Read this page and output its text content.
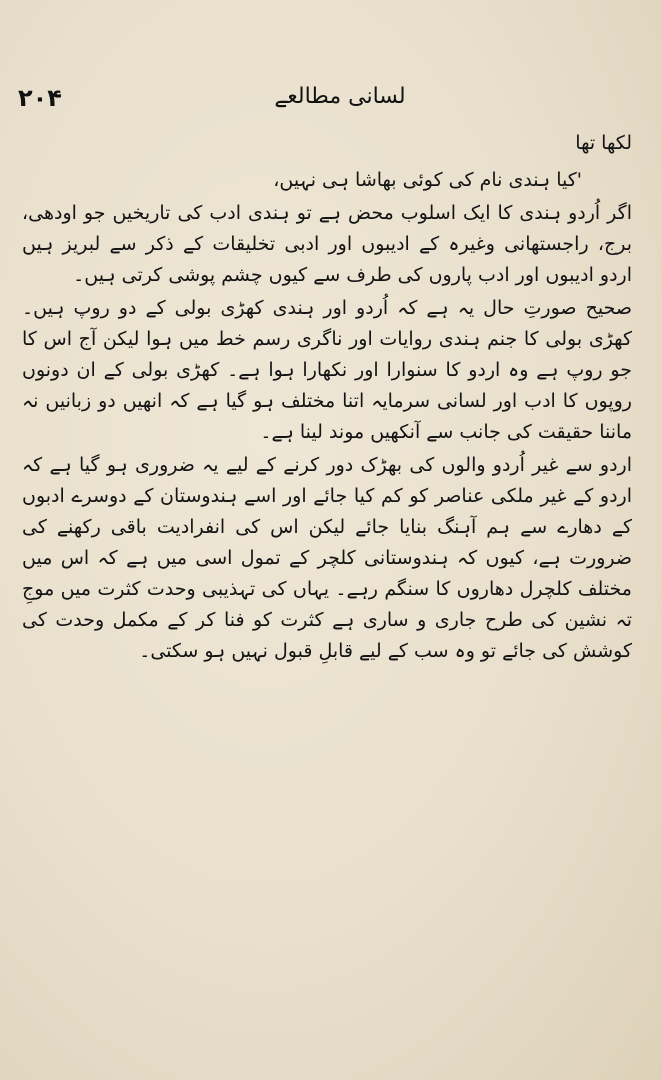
۲۰۴	لسانی مطالعے

لکھا تھا

'کیا ہندی نام کی کوئی بھاشا ہی نہیں،

اگر اُردو ہندی کا ایک اسلوب محض ہے تو ہندی ادب کی تاریخیں جو اودھی، برج، راجستھانی وغیرہ کے ادیبوں اور ادبی تخلیقات کے ذکر سے لبریز ہیں اردو ادیبوں اور ادب پاروں کی طرف سے کیوں چشم پوشی کرتی ہیں۔

صحیح صورتِ حال یہ ہے کہ اُردو اور ہندی کھڑی بولی کے دو روپ ہیں۔ کھڑی بولی کا جنم ہندی روایات اور ناگری رسم خط میں ہوا لیکن آج اس کا جو روپ ہے وہ اردو کا سنوارا اور نکھارا ہوا ہے۔ کھڑی بولی کے ان دونوں روپوں کا ادب اور لسانی سرمایہ اتنا مختلف ہو گیا ہے کہ انھیں دو زبانیں نہ ماننا حقیقت کی جانب سے آنکھیں موند لینا ہے۔

اردو سے غیر اُردو والوں کی بھڑک دور کرنے کے لیے یہ ضروری ہو گیا ہے کہ اردو کے غیر ملکی عناصر کو کم کیا جائے اور اسے ہندوستان کے دوسرے ادبوں کے دھارے سے ہم آہنگ بنایا جائے لیکن اس کی انفرادیت باقی رکھنے کی ضرورت ہے، کیوں کہ ہندوستانی کلچر کے تمول اسی میں ہے کہ اس میں مختلف کلچرل دھاروں کا سنگم رہے۔ یہاں کی تہذیبی وحدت کثرت میں موجِ تہ نشین کی طرح جاری و ساری ہے کثرت کو فنا کر کے مکمل وحدت کی کوشش کی جائے تو وہ سب کے لیے قابلِ قبول نہیں ہو سکتی۔
